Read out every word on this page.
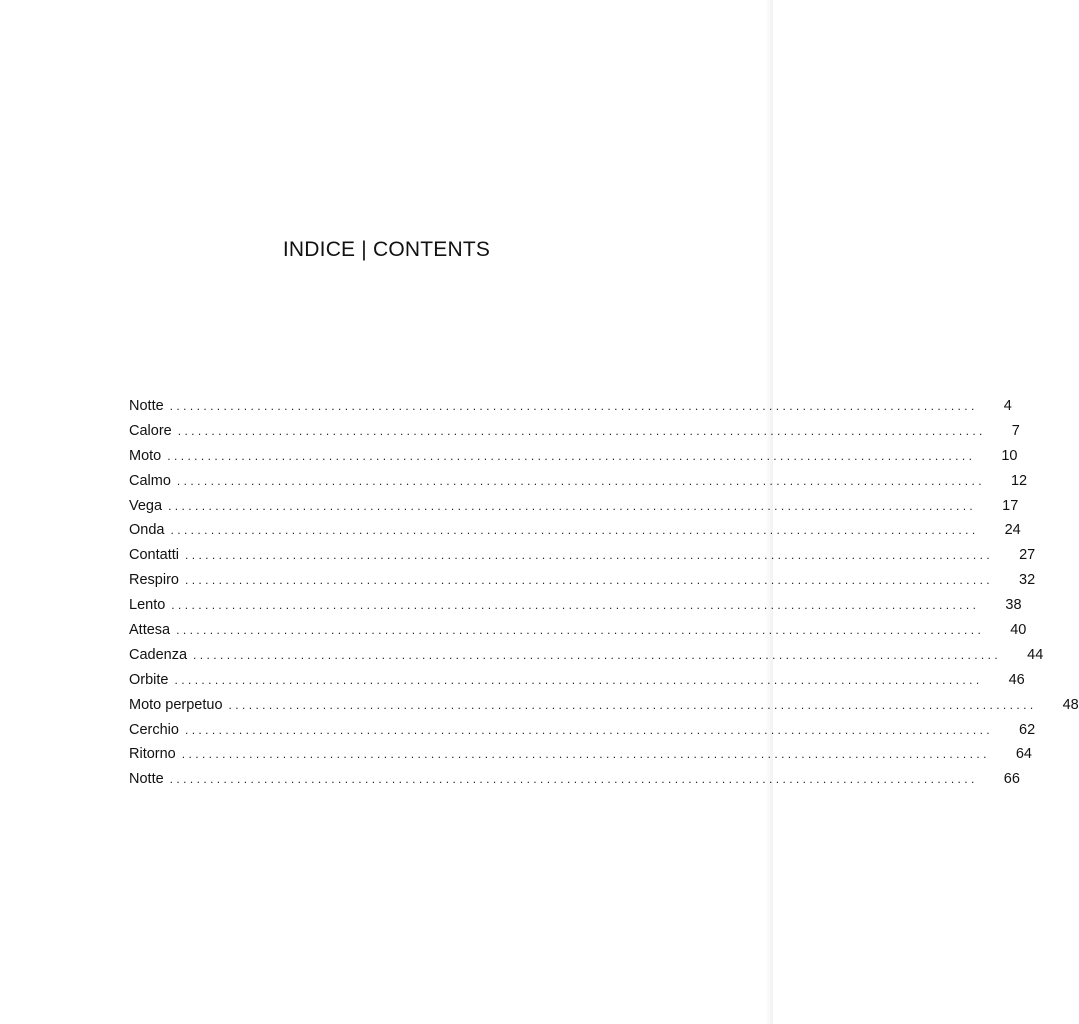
INDICE | CONTENTS
Notte ........................................................................................................................ 4
Calore ........................................................................................................................ 7
Moto ........................................................................................................................ 10
Calmo ........................................................................................................................ 12
Vega ........................................................................................................................ 17
Onda ........................................................................................................................ 24
Contatti ........................................................................................................................ 27
Respiro ........................................................................................................................ 32
Lento ........................................................................................................................ 38
Attesa ........................................................................................................................ 40
Cadenza ........................................................................................................................ 44
Orbite ........................................................................................................................ 46
Moto perpetuo ........................................................................................................................ 48
Cerchio ........................................................................................................................ 62
Ritorno ........................................................................................................................ 64
Notte ........................................................................................................................ 66
